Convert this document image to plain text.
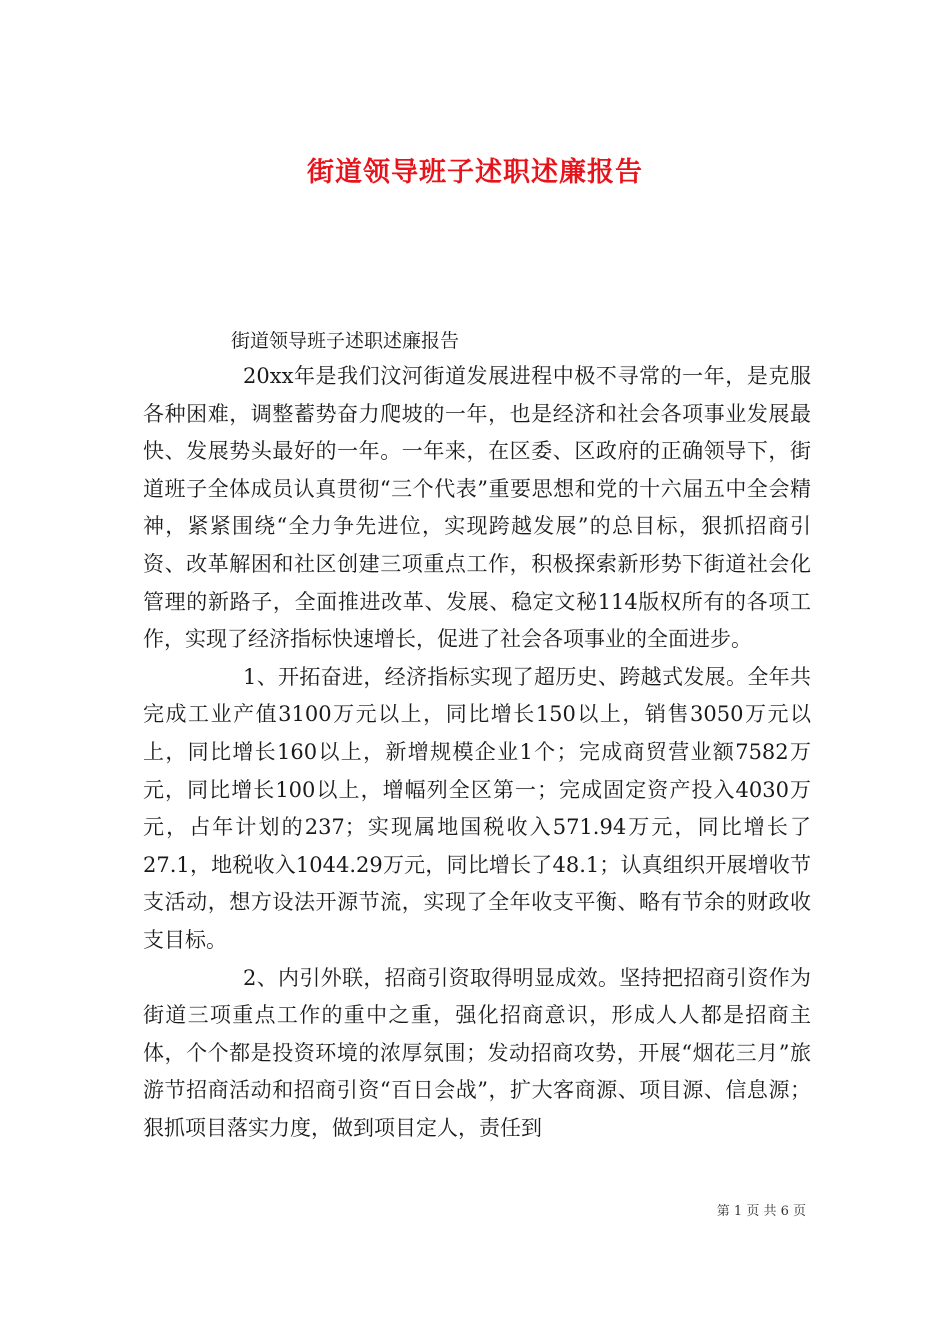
街道领导班子述职述廉报告

街道领导班子述职述廉报告

20xx年是我们汶河街道发展进程中极不寻常的一年，是克服各种困难，调整蓄势奋力爬坡的一年，也是经济和社会各项事业发展最快、发展势头最好的一年。一年来，在区委、区政府的正确领导下，街道班子全体成员认真贯彻“三个代表”重要思想和党的十六届五中全会精神，紧紧围绕“全力争先进位，实现跨越发展”的总目标，狠抓招商引资、改革解困和社区创建三项重点工作，积极探索新形势下街道社会化管理的新路子，全面推进改革、发展、稳定文秘114版权所有的各项工作，实现了经济指标快速增长，促进了社会各项事业的全面进步。

1、开拓奋进，经济指标实现了超历史、跨越式发展。全年共完成工业产值3100万元以上，同比增长150以上，销售3050万元以上，同比增长160以上，新增规模企业1个；完成商贸营业额7582万元，同比增长100以上，增幅列全区第一；完成固定资产投入4030万元，占年计划的237；实现属地国税收入571.94万元，同比增长了27.1，地税收入1044.29万元，同比增长了48.1；认真组织开展增收节支活动，想方设法开源节流，实现了全年收支平衡、略有节余的财政收支目标。

2、内引外联，招商引资取得明显成效。坚持把招商引资作为街道三项重点工作的重中之重，强化招商意识，形成人人都是招商主体，个个都是投资环境的浓厚氛围；发动招商攻势，开展“烟花三月”旅游节招商活动和招商引资“百日会战”，扩大客商源、项目源、信息源；狠抓项目落实力度，做到项目定人，责任到

第 1 页 共 6 页
